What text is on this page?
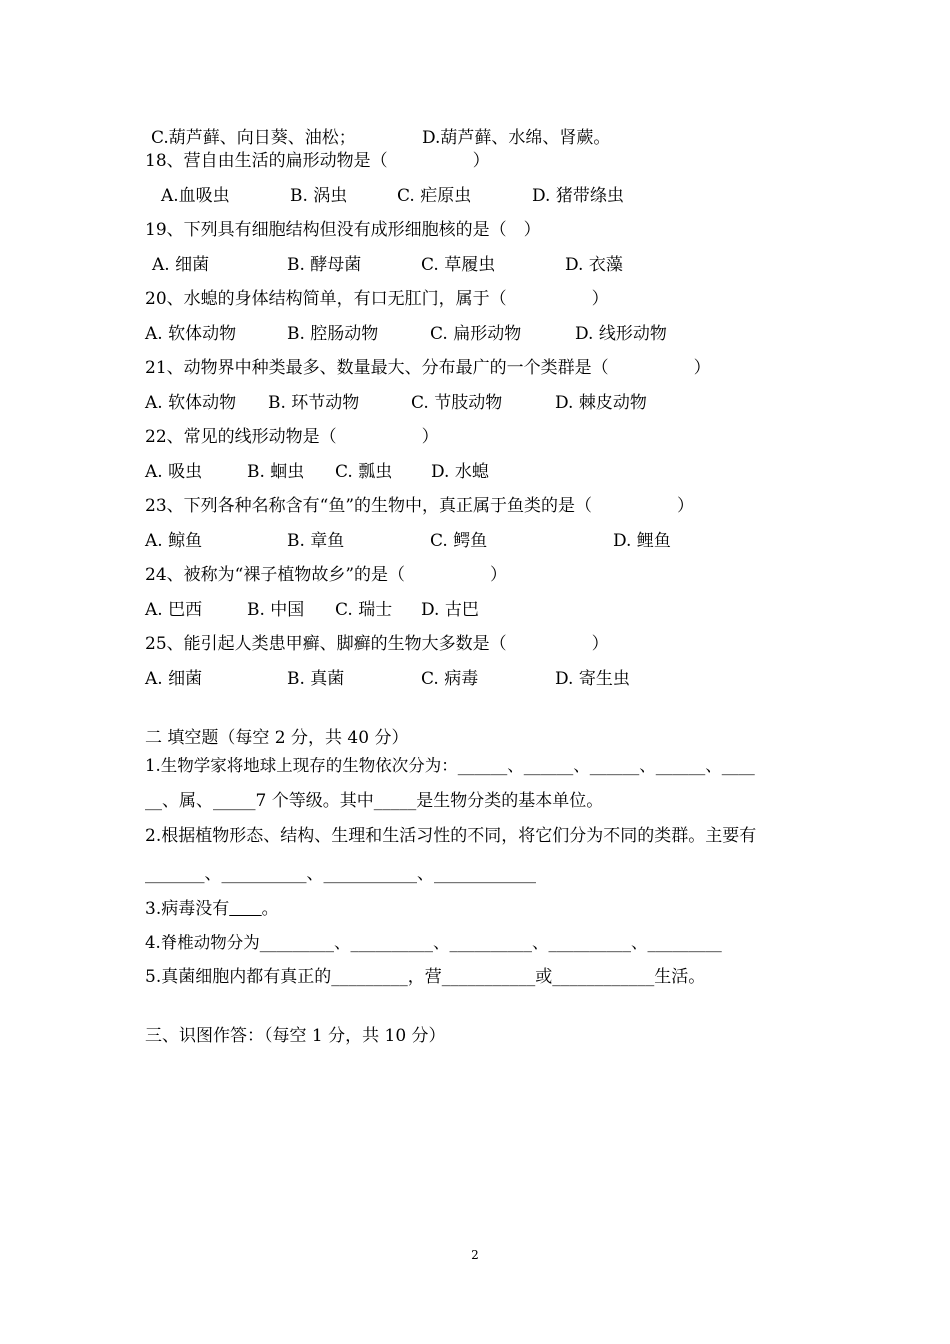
C.葫芦藓、向日葵、油松；	D.葫芦藓、水绵、肾蕨。
18、营自由生活的扁形动物是（　　　　　）
A.血吸虫	B. 涡虫	C. 疟原虫	D. 猪带绦虫
19、下列具有细胞结构但没有成形细胞核的是（　）
A. 细菌	B. 酵母菌	C. 草履虫	D. 衣藻
20、水螅的身体结构简单，有口无肛门，属于（　　　　　）
A. 软体动物	B. 腔肠动物	C. 扁形动物	D. 线形动物
21、动物界中种类最多、数量最大、分布最广的一个类群是（　　　　　）
A. 软体动物 B. 环节动物	C. 节肢动物	D. 棘皮动物
22、常见的线形动物是（　　　　　）
A. 吸虫	B. 蛔虫 C. 瓢虫 D. 水螅
23、下列各种名称含有“鱼”的生物中，真正属于鱼类的是（　　　　　）
A. 鲸鱼	B. 章鱼	C. 鳄鱼	D. 鲤鱼
24、被称为“裸子植物故乡”的是（　　　　　）
A. 巴西	B. 中国 C. 瑞士 D. 古巴
25、能引起人类患甲癣、脚癣的生物大多数是（　　　　　）
A. 细菌	B. 真菌	C. 病毒	D. 寄生虫
二 填空题（每空 2 分，共 40 分）
1.生物学家将地球上现存的生物依次分为：______、______、______、______、____
__、属、_____7 个等级。其中_____是生物分类的基本单位。
2.根据植物形态、结构、生理和生活习性的不同，将它们分为不同的类群。主要有
_______、__________、___________、____________
3.病毒没有 。
4.脊椎动物分为_________、__________、__________、__________、_________
5.真菌细胞内都有真正的_________，营___________或____________生活。
三、识图作答：（每空 1 分，共 10 分）
2
